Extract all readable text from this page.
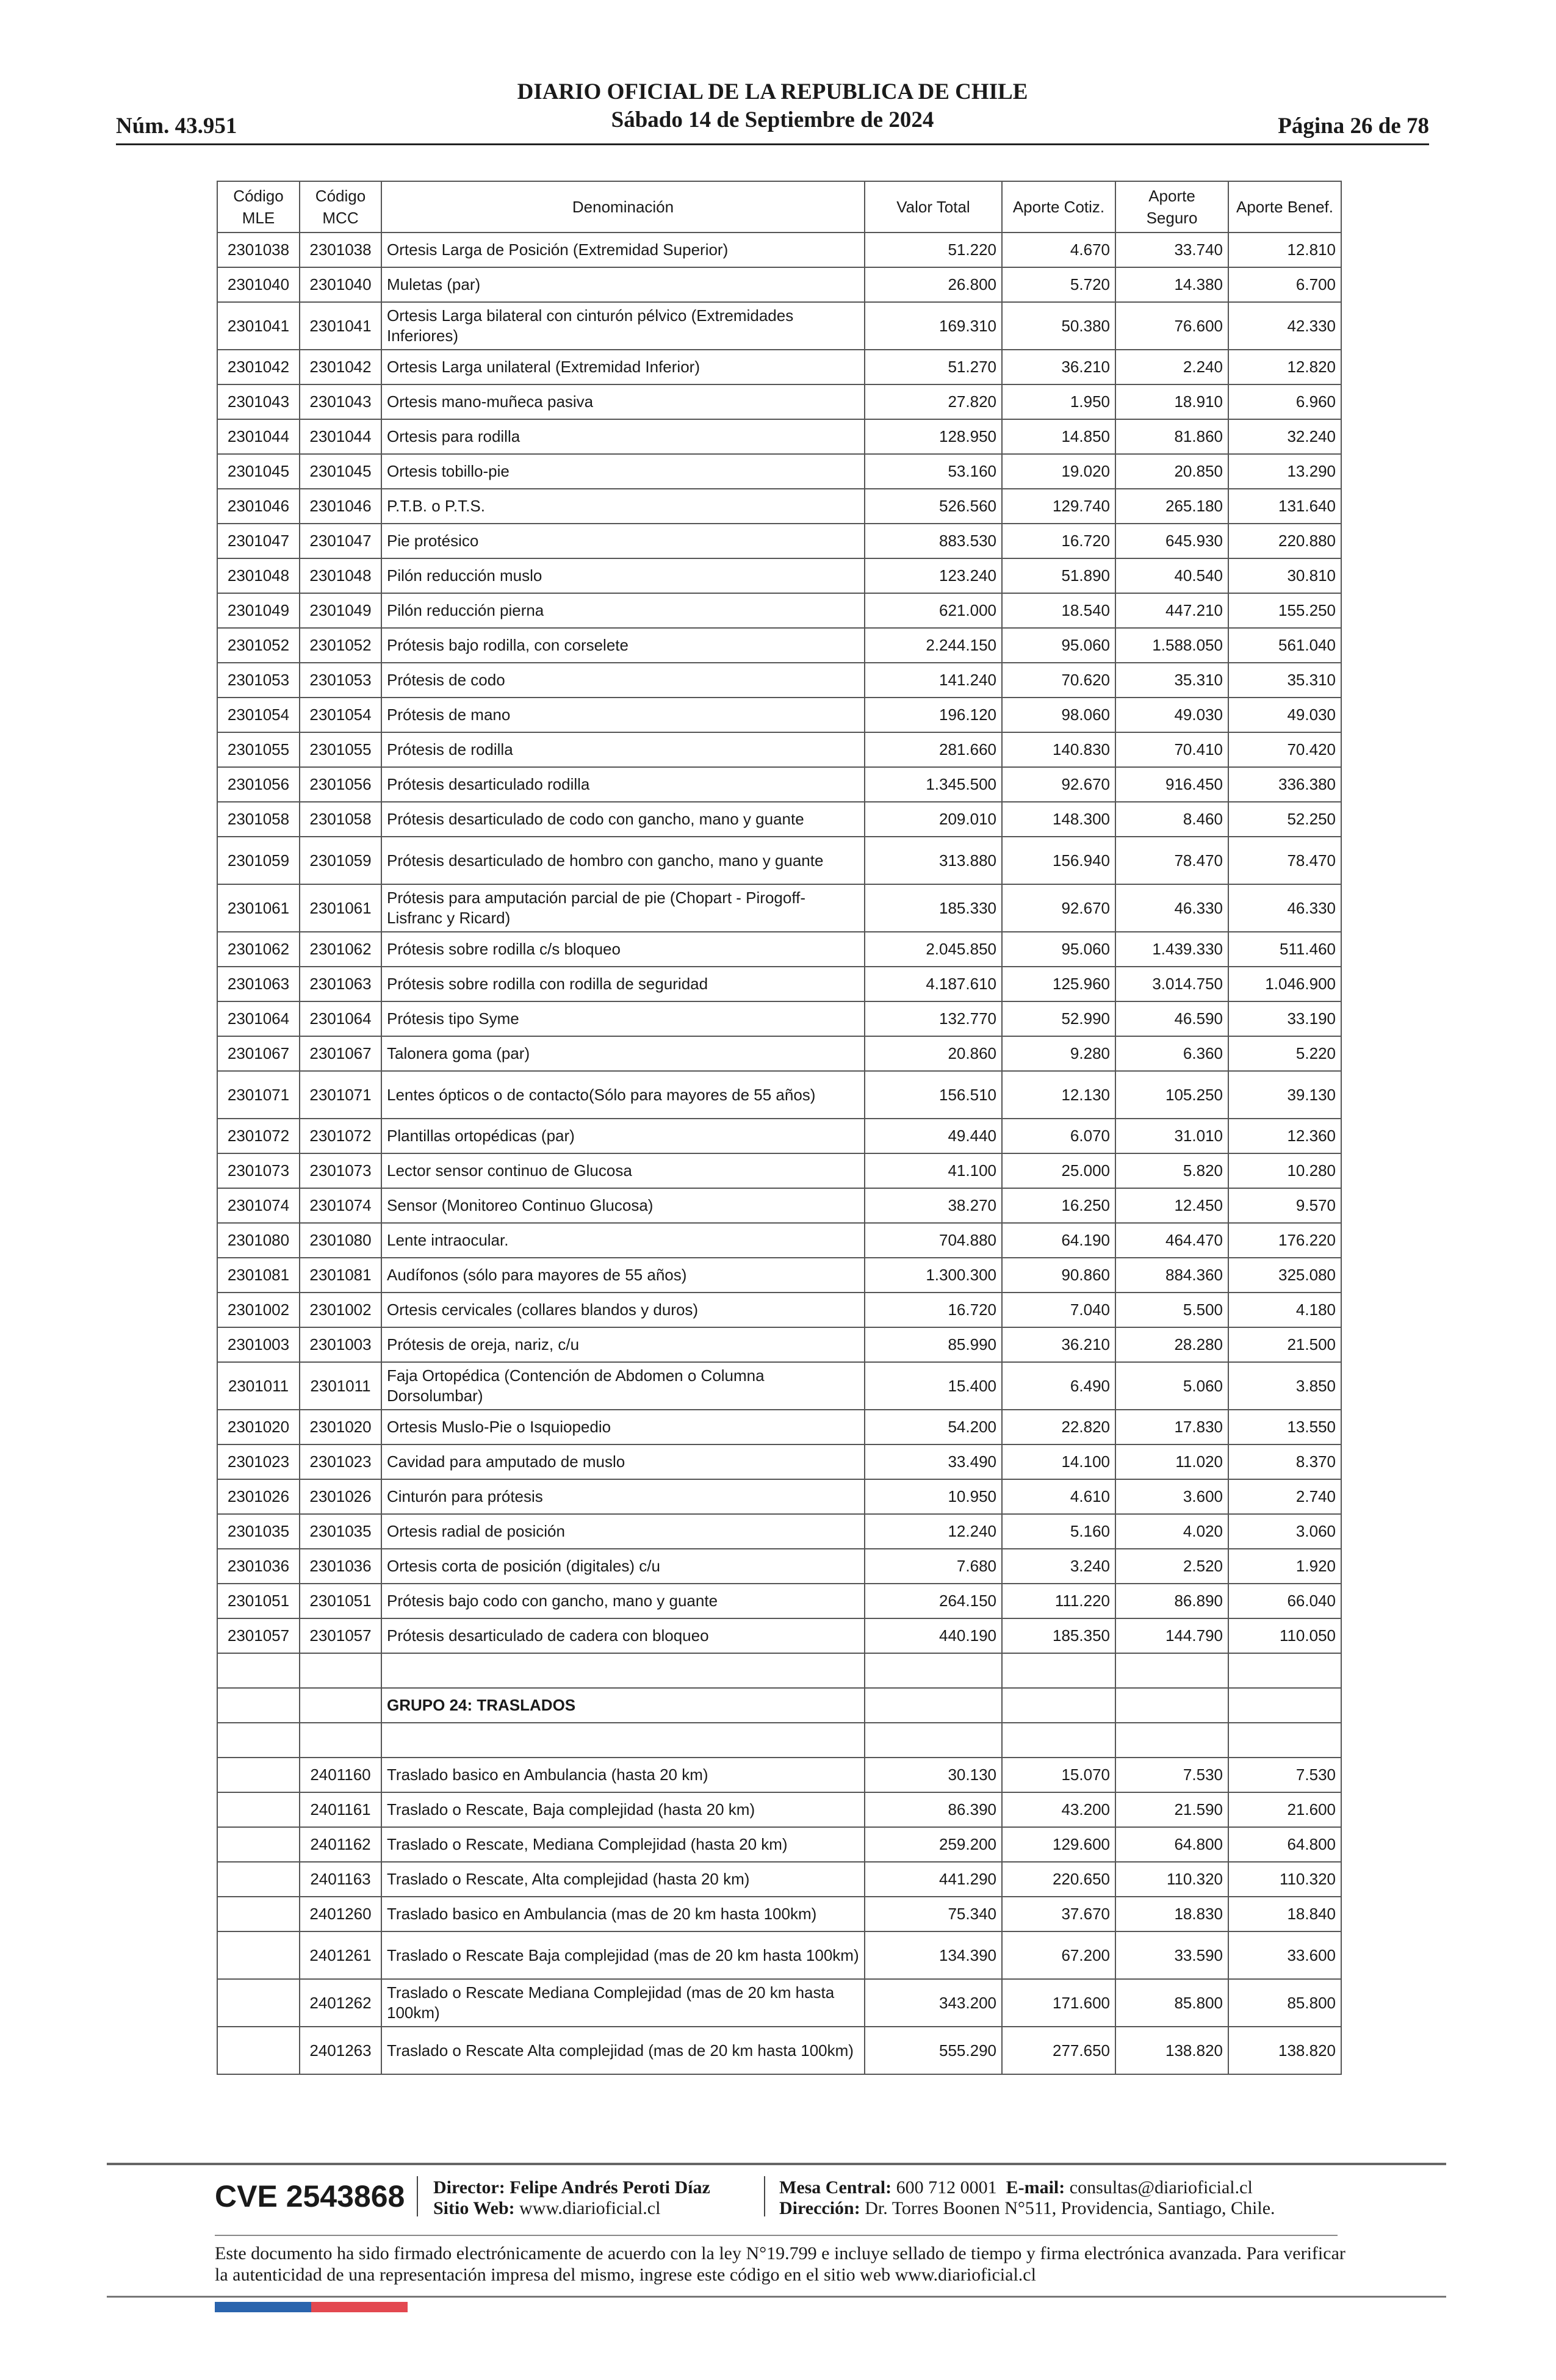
Núm. 43.951
DIARIO OFICIAL DE LA REPUBLICA DE CHILE
Sábado 14 de Septiembre de 2024	Página 26 de 78
Código MLE	Código MCC	Denominación	Valor Total	Aporte Cotiz.	Aporte Seguro	Aporte Benef.
2301038	2301038	Ortesis Larga de Posición (Extremidad Superior)	51.220	4.670	33.740	12.810
2301040	2301040	Muletas (par)	26.800	5.720	14.380	6.700
2301041	2301041	Ortesis Larga bilateral con cinturón pélvico (Extremidades Inferiores)	169.310	50.380	76.600	42.330
2301042	2301042	Ortesis Larga unilateral (Extremidad Inferior)	51.270	36.210	2.240	12.820
2301043	2301043	Ortesis mano-muñeca pasiva	27.820	1.950	18.910	6.960
2301044	2301044	Ortesis para rodilla	128.950	14.850	81.860	32.240
2301045	2301045	Ortesis tobillo-pie	53.160	19.020	20.850	13.290
2301046	2301046	P.T.B. o P.T.S.	526.560	129.740	265.180	131.640
2301047	2301047	Pie protésico	883.530	16.720	645.930	220.880
2301048	2301048	Pilón reducción muslo	123.240	51.890	40.540	30.810
2301049	2301049	Pilón reducción pierna	621.000	18.540	447.210	155.250
2301052	2301052	Prótesis bajo rodilla, con corselete	2.244.150	95.060	1.588.050	561.040
2301053	2301053	Prótesis de codo	141.240	70.620	35.310	35.310
2301054	2301054	Prótesis de mano	196.120	98.060	49.030	49.030
2301055	2301055	Prótesis de rodilla	281.660	140.830	70.410	70.420
2301056	2301056	Prótesis desarticulado rodilla	1.345.500	92.670	916.450	336.380
2301058	2301058	Prótesis desarticulado de codo con gancho, mano y guante	209.010	148.300	8.460	52.250
2301059	2301059	Prótesis desarticulado de hombro con gancho, mano y guante	313.880	156.940	78.470	78.470
2301061	2301061	Prótesis para amputación parcial de pie (Chopart - Pirogoff-Lisfranc y Ricard)	185.330	92.670	46.330	46.330
2301062	2301062	Prótesis sobre rodilla c/s bloqueo	2.045.850	95.060	1.439.330	511.460
2301063	2301063	Prótesis sobre rodilla con rodilla de seguridad	4.187.610	125.960	3.014.750	1.046.900
2301064	2301064	Prótesis tipo Syme	132.770	52.990	46.590	33.190
2301067	2301067	Talonera goma (par)	20.860	9.280	6.360	5.220
2301071	2301071	Lentes ópticos o de contacto(Sólo para mayores de 55 años)	156.510	12.130	105.250	39.130
2301072	2301072	Plantillas ortopédicas (par)	49.440	6.070	31.010	12.360
2301073	2301073	Lector sensor continuo de Glucosa	41.100	25.000	5.820	10.280
2301074	2301074	Sensor (Monitoreo Continuo Glucosa)	38.270	16.250	12.450	9.570
2301080	2301080	Lente intraocular.	704.880	64.190	464.470	176.220
2301081	2301081	Audífonos (sólo para mayores de 55 años)	1.300.300	90.860	884.360	325.080
2301002	2301002	Ortesis cervicales (collares blandos y duros)	16.720	7.040	5.500	4.180
2301003	2301003	Prótesis de oreja, nariz, c/u	85.990	36.210	28.280	21.500
2301011	2301011	Faja Ortopédica (Contención de Abdomen o Columna Dorsolumbar)	15.400	6.490	5.060	3.850
2301020	2301020	Ortesis Muslo-Pie o Isquiopedio	54.200	22.820	17.830	13.550
2301023	2301023	Cavidad para amputado de muslo	33.490	14.100	11.020	8.370
2301026	2301026	Cinturón para prótesis	10.950	4.610	3.600	2.740
2301035	2301035	Ortesis radial de posición	12.240	5.160	4.020	3.060
2301036	2301036	Ortesis corta de posición (digitales) c/u	7.680	3.240	2.520	1.920
2301051	2301051	Prótesis bajo codo con gancho, mano y guante	264.150	111.220	86.890	66.040
2301057	2301057	Prótesis desarticulado de cadera con bloqueo	440.190	185.350	144.790	110.050

		GRUPO 24: TRASLADOS				

	2401160	Traslado basico en Ambulancia (hasta 20 km)	30.130	15.070	7.530	7.530
	2401161	Traslado o Rescate, Baja complejidad (hasta 20 km)	86.390	43.200	21.590	21.600
	2401162	Traslado o Rescate, Mediana Complejidad (hasta 20 km)	259.200	129.600	64.800	64.800
	2401163	Traslado o Rescate, Alta complejidad (hasta 20 km)	441.290	220.650	110.320	110.320
	2401260	Traslado basico en Ambulancia (mas de 20 km hasta 100km)	75.340	37.670	18.830	18.840
	2401261	Traslado o Rescate Baja complejidad (mas de 20 km hasta 100km)	134.390	67.200	33.590	33.600
	2401262	Traslado o Rescate Mediana Complejidad (mas de 20 km hasta 100km)	343.200	171.600	85.800	85.800
	2401263	Traslado o Rescate Alta complejidad (mas de 20 km hasta 100km)	555.290	277.650	138.820	138.820
CVE 2543868 Director: Felipe Andrés Peroti Díaz
Sitio Web: www.diarioficial.cl
Mesa Central: 600 712 0001 E-mail: consultas@diarioficial.cl
Dirección: Dr. Torres Boonen N°511, Providencia, Santiago, Chile.
Este documento ha sido firmado electrónicamente de acuerdo con la ley N°19.799 e incluye sellado de tiempo y firma electrónica avanzada. Para verificar la autenticidad de una representación impresa del mismo, ingrese este código en el sitio web www.diarioficial.cl
